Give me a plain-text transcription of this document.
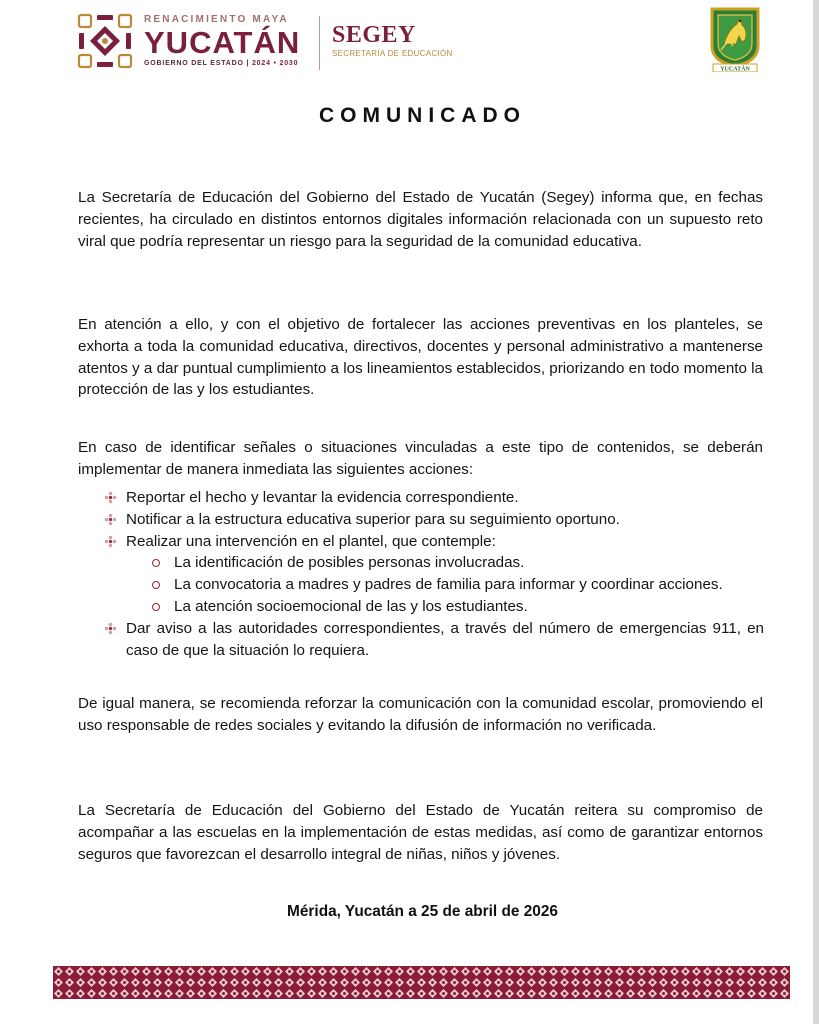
RENACIMIENTO MAYA
YUCATÁN
GOBIERNO DEL ESTADO | 2024 • 2030
SEGEY
SECRETARÍA DE EDUCACIÓN
YUCATÁN
COMUNICADO
La Secretaría de Educación del Gobierno del Estado de Yucatán (Segey) informa que, en fechas recientes, ha circulado en distintos entornos digitales información relacionada con un supuesto reto viral que podría representar un riesgo para la seguridad de la comunidad educativa.
En atención a ello, y con el objetivo de fortalecer las acciones preventivas en los planteles, se exhorta a toda la comunidad educativa, directivos, docentes y personal administrativo a mantenerse atentos y a dar puntual cumplimiento a los lineamientos establecidos, priorizando en todo momento la protección de las y los estudiantes.
En caso de identificar señales o situaciones vinculadas a este tipo de contenidos, se deberán implementar de manera inmediata las siguientes acciones:
Reportar el hecho y levantar la evidencia correspondiente.
Notificar a la estructura educativa superior para su seguimiento oportuno.
Realizar una intervención en el plantel, que contemple:
La identificación de posibles personas involucradas.
La convocatoria a madres y padres de familia para informar y coordinar acciones.
La atención socioemocional de las y los estudiantes.
Dar aviso a las autoridades correspondientes, a través del número de emergencias 911, en caso de que la situación lo requiera.
De igual manera, se recomienda reforzar la comunicación con la comunidad escolar, promoviendo el uso responsable de redes sociales y evitando la difusión de información no verificada.
La Secretaría de Educación del Gobierno del Estado de Yucatán reitera su compromiso de acompañar a las escuelas en la implementación de estas medidas, así como de garantizar entornos seguros que favorezcan el desarrollo integral de niñas, niños y jóvenes.
Mérida, Yucatán a 25 de abril de 2026
